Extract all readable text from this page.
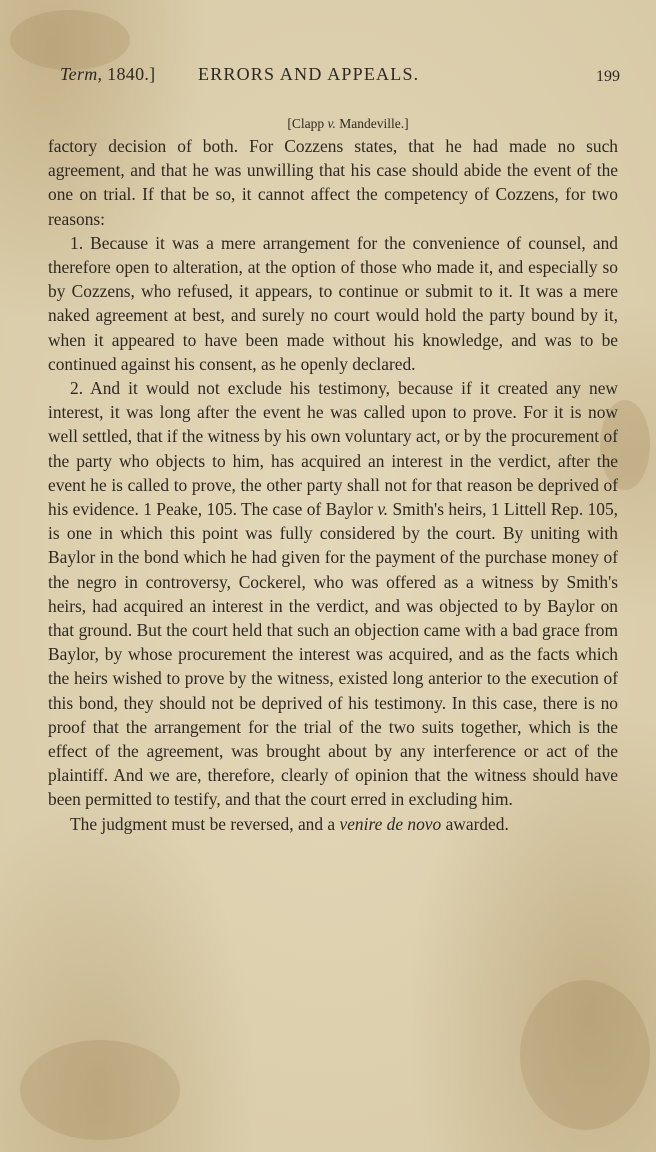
Term, 1840.] ERRORS AND APPEALS.	199
[Clapp v. Mandeville.]

factory decision of both. For Cozzens states, that he had made no such agreement, and that he was unwilling that his case should abide the event of the one on trial. If that be so, it cannot affect the competency of Cozzens, for two reasons:

1. Because it was a mere arrangement for the convenience of counsel, and therefore open to alteration, at the option of those who made it, and especially so by Cozzens, who refused, it appears, to continue or submit to it. It was a mere naked agreement at best, and surely no court would hold the party bound by it, when it appeared to have been made without his knowledge, and was to be continued against his consent, as he openly declared.

2. And it would not exclude his testimony, because if it created any new interest, it was long after the event he was called upon to prove. For it is now well settled, that if the witness by his own voluntary act, or by the procurement of the party who objects to him, has acquired an interest in the verdict, after the event he is called to prove, the other party shall not for that reason be deprived of his evidence. 1 Peake, 105. The case of Baylor v. Smith's heirs, 1 Littell Rep. 105, is one in which this point was fully considered by the court. By uniting with Baylor in the bond which he had given for the payment of the purchase money of the negro in controversy, Cockerel, who was offered as a witness by Smith's heirs, had acquired an interest in the verdict, and was objected to by Baylor on that ground. But the court held that such an objection came with a bad grace from Baylor, by whose procurement the interest was acquired, and as the facts which the heirs wished to prove by the witness, existed long anterior to the execution of this bond, they should not be deprived of his testimony. In this case, there is no proof that the arrangement for the trial of the two suits together, which is the effect of the agreement, was brought about by any interference or act of the plaintiff. And we are, therefore, clearly of opinion that the witness should have been permitted to testify, and that the court erred in excluding him.

The judgment must be reversed, and a venire de novo awarded.
